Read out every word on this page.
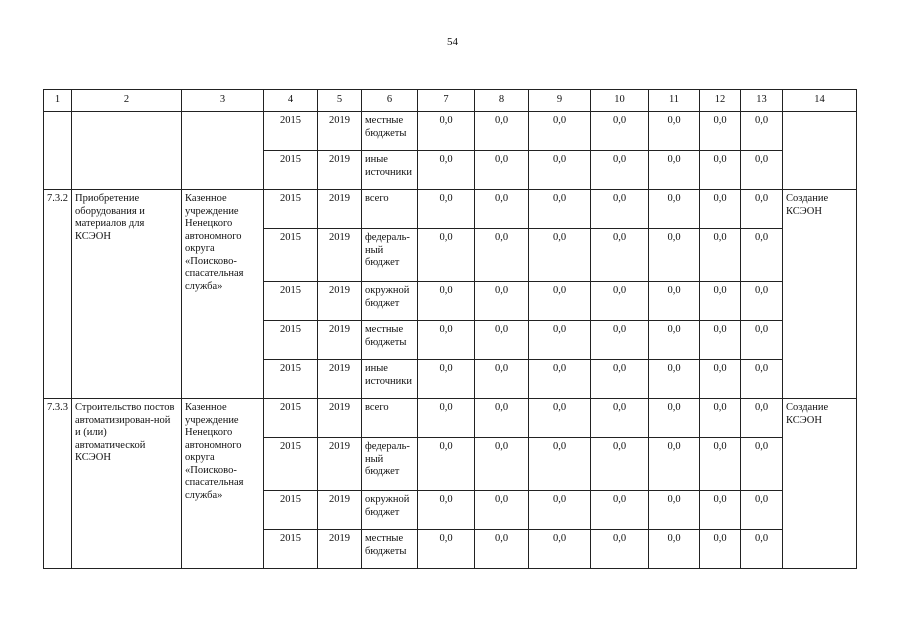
54
1	2	3	4	5	6	7	8	9	10	11	12	13	14
			2015	2019	местные бюджеты	0,0	0,0	0,0	0,0	0,0	0,0	0,0	
			2015	2019	иные источники	0,0	0,0	0,0	0,0	0,0	0,0	0,0	
7.3.2	Приобретение оборудования и материалов для КСЭОН	Казенное учреждение Ненецкого автономного округа «Поисково-спасательная служба»	2015	2019	всего	0,0	0,0	0,0	0,0	0,0	0,0	0,0	Создание КСЭОН
			2015	2019	федераль-ный бюджет	0,0	0,0	0,0	0,0	0,0	0,0	0,0	
			2015	2019	окружной бюджет	0,0	0,0	0,0	0,0	0,0	0,0	0,0	
			2015	2019	местные бюджеты	0,0	0,0	0,0	0,0	0,0	0,0	0,0	
			2015	2019	иные источники	0,0	0,0	0,0	0,0	0,0	0,0	0,0	
7.3.3	Строительство постов автоматизирован-ной и (или) автоматической КСЭОН	Казенное учреждение Ненецкого автономного округа «Поисково-спасательная служба»	2015	2019	всего	0,0	0,0	0,0	0,0	0,0	0,0	0,0	Создание КСЭОН
			2015	2019	федераль-ный бюджет	0,0	0,0	0,0	0,0	0,0	0,0	0,0	
			2015	2019	окружной бюджет	0,0	0,0	0,0	0,0	0,0	0,0	0,0	
			2015	2019	местные бюджеты	0,0	0,0	0,0	0,0	0,0	0,0	0,0	
